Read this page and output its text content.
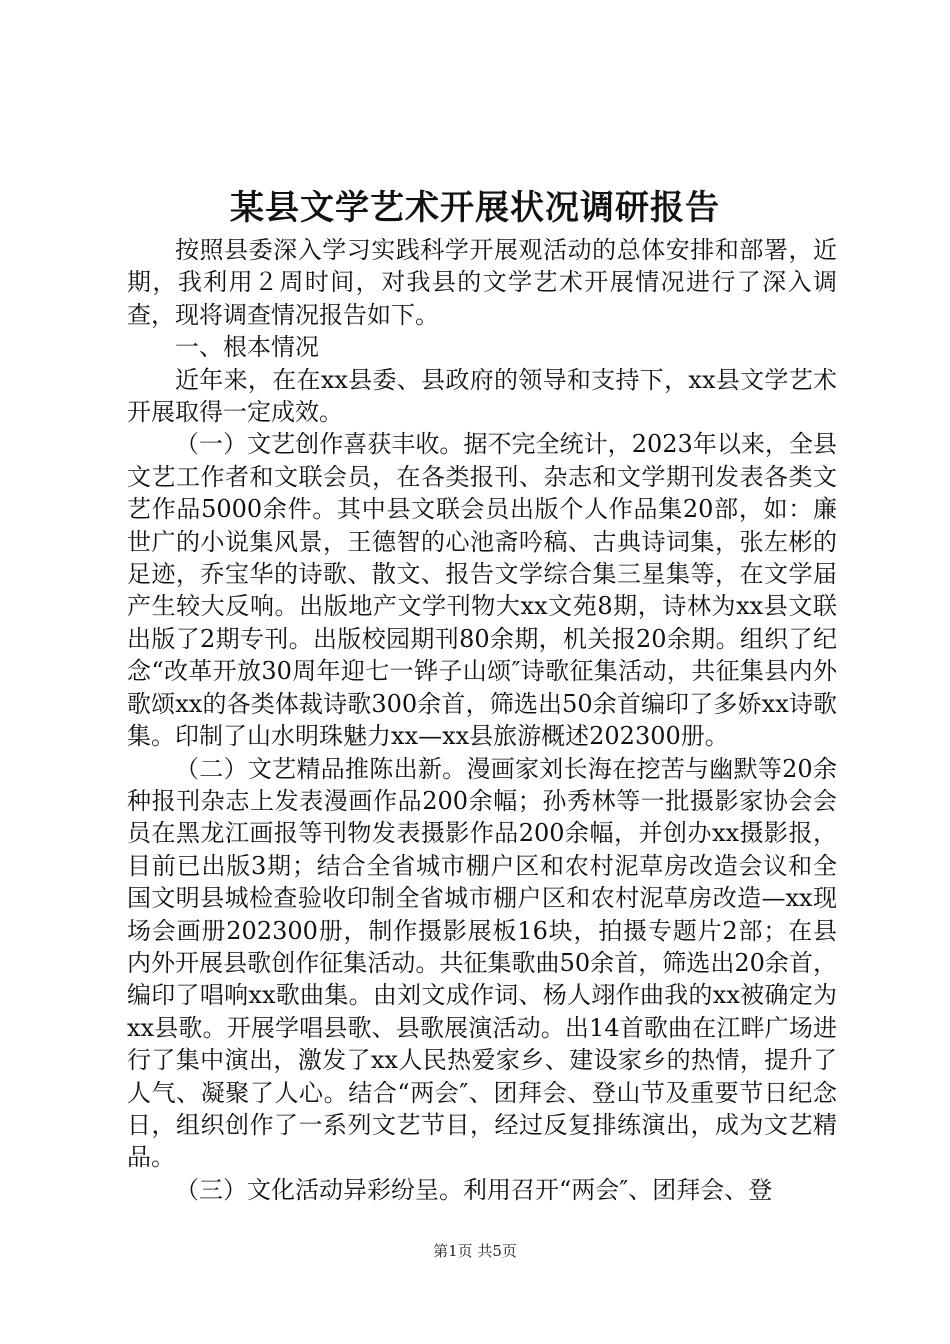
某县文学艺术开展状况调研报告

按照县委深入学习实践科学开展观活动的总体安排和部署，近期，我利用２周时间，对我县的文学艺术开展情况进行了深入调查，现将调查情况报告如下。

一、根本情况

近年来，在在xx县委、县政府的领导和支持下，xx县文学艺术开展取得一定成效。

（一）文艺创作喜获丰收。据不完全统计，2023年以来，全县文艺工作者和文联会员，在各类报刊、杂志和文学期刊发表各类文艺作品5000余件。其中县文联会员出版个人作品集20部，如：廉世广的小说集风景，王德智的心池斋吟稿、古典诗词集，张左彬的足迹，乔宝华的诗歌、散文、报告文学综合集三星集等，在文学届产生较大反响。出版地产文学刊物大xx文苑8期，诗林为xx县文联出版了2期专刊。出版校园期刊80余期，机关报20余期。组织了纪念“改革开放30周年迎七一铧子山颂″诗歌征集活动，共征集县内外歌颂xx的各类体裁诗歌300余首，筛选出50余首编印了多娇xx诗歌集。印制了山水明珠魅力xx—xx县旅游概述202300册。

（二）文艺精品推陈出新。漫画家刘长海在挖苦与幽默等20余种报刊杂志上发表漫画作品200余幅；孙秀林等一批摄影家协会会员在黑龙江画报等刊物发表摄影作品200余幅，并创办xx摄影报，目前已出版3期；结合全省城市棚户区和农村泥草房改造会议和全国文明县城检查验收印制全省城市棚户区和农村泥草房改造—xx现场会画册202300册，制作摄影展板16块，拍摄专题片2部；在县内外开展县歌创作征集活动。共征集歌曲50余首，筛选出20余首，编印了唱响xx歌曲集。由刘文成作词、杨人翊作曲我的xx被确定为xx县歌。开展学唱县歌、县歌展演活动。出14首歌曲在江畔广场进行了集中演出，激发了xx人民热爱家乡、建设家乡的热情，提升了人气、凝聚了人心。结合“两会″、团拜会、登山节及重要节日纪念日，组织创作了一系列文艺节目，经过反复排练演出，成为文艺精品。

（三）文化活动异彩纷呈。利用召开“两会″、团拜会、登

第1页 共5页
